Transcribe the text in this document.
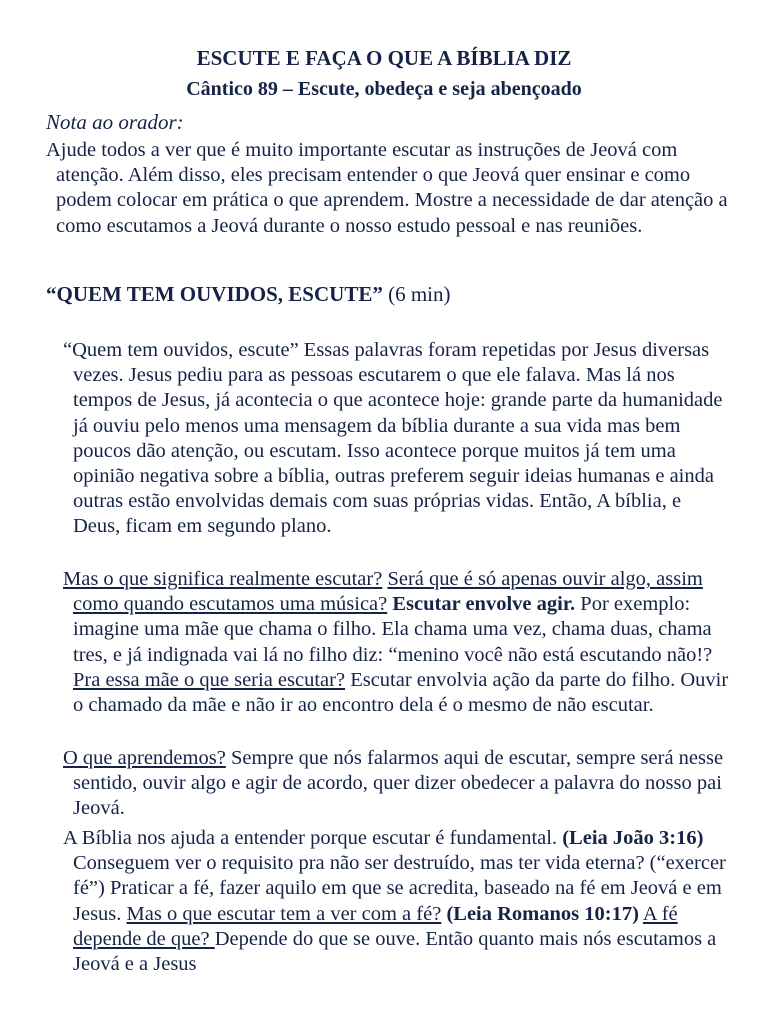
ESCUTE E FAÇA O QUE A BÍBLIA DIZ
Cântico 89 – Escute, obedeça e seja abençoado
Nota ao orador:
Ajude todos a ver que é muito importante escutar as instruções de Jeová com atenção. Além disso, eles precisam entender o que Jeová quer ensinar e como podem colocar em prática o que aprendem. Mostre a necessidade de dar atenção a como escutamos a Jeová durante o nosso estudo pessoal e nas reuniões.
“QUEM TEM OUVIDOS, ESCUTE” (6 min)
“Quem tem ouvidos, escute” Essas palavras foram repetidas por Jesus diversas vezes. Jesus pediu para as pessoas escutarem o que ele falava. Mas lá nos tempos de Jesus, já acontecia o que acontece hoje: grande parte da humanidade já ouviu pelo menos uma mensagem da bíblia durante a sua vida mas bem poucos dão atenção, ou escutam. Isso acontece porque muitos já tem uma opinião negativa sobre a bíblia, outras preferem seguir ideias humanas e ainda outras estão envolvidas demais com suas próprias vidas. Então, A bíblia, e Deus, ficam em segundo plano.
Mas o que significa realmente escutar? Será que é só apenas ouvir algo, assim como quando escutamos uma música? Escutar envolve agir. Por exemplo: imagine uma mãe que chama o filho. Ela chama uma vez, chama duas, chama tres, e já indignada vai lá no filho diz: “menino você não está escutando não!? Pra essa mãe o que seria escutar? Escutar envolvia ação da parte do filho. Ouvir o chamado da mãe e não ir ao encontro dela é o mesmo de não escutar.
O que aprendemos? Sempre que nós falarmos aqui de escutar, sempre será nesse sentido, ouvir algo e agir de acordo, quer dizer obedecer a palavra do nosso pai Jeová.
A Bíblia nos ajuda a entender porque escutar é fundamental. (Leia João 3:16) Conseguem ver o requisito pra não ser destruído, mas ter vida eterna? (“exercer fé”) Praticar a fé, fazer aquilo em que se acredita, baseado na fé em Jeová e em Jesus. Mas o que escutar tem a ver com a fé? (Leia Romanos 10:17) A fé depende de que? Depende do que se ouve. Então quanto mais nós escutamos a Jeová e a Jesus
